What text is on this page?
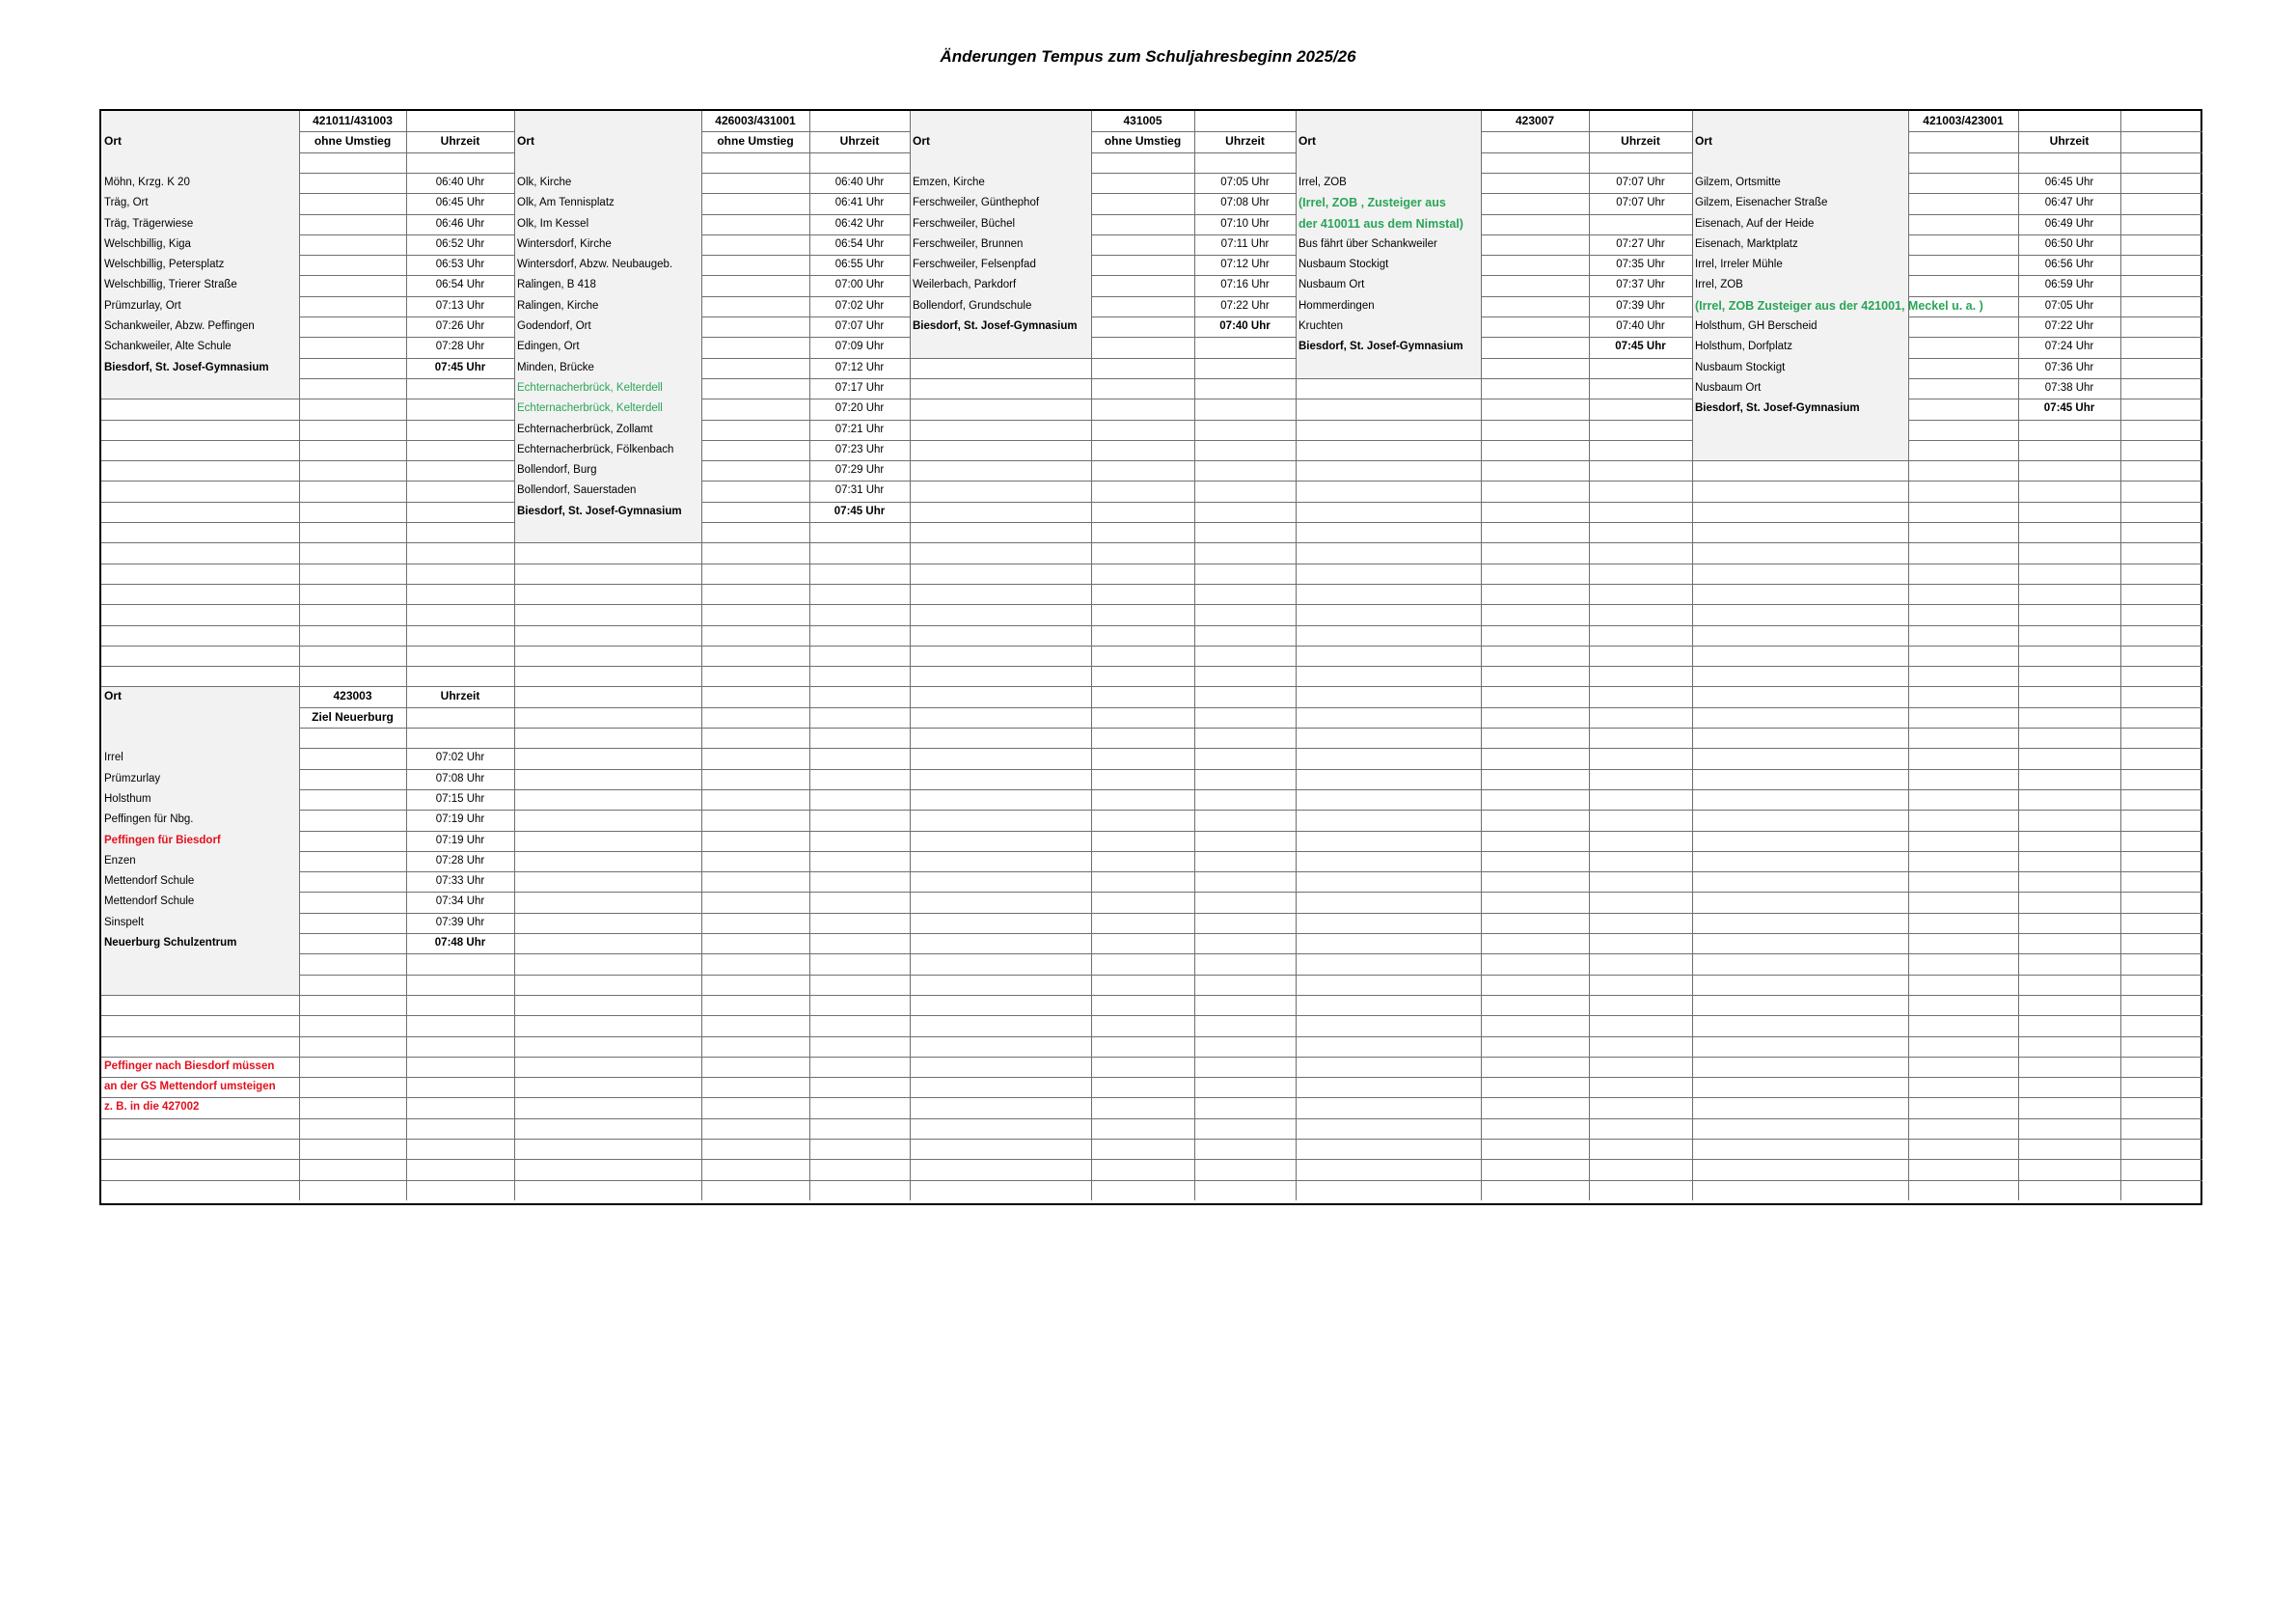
Änderungen Tempus zum Schuljahresbeginn 2025/26
421011/431003
Ort	ohne Umstieg	Uhrzeit
Möhn, Krzg. K 20	06:40 Uhr
Träg, Ort	06:45 Uhr
Träg, Trägerwiese	06:46 Uhr
Welschbillig, Kiga	06:52 Uhr
Welschbillig, Petersplatz	06:53 Uhr
Welschbillig, Trierer Straße	06:54 Uhr
Prümzurlay, Ort	07:13 Uhr
Schankweiler, Abzw. Peffingen	07:26 Uhr
Schankweiler, Alte Schule	07:28 Uhr
Biesdorf, St. Josef-Gymnasium	07:45 Uhr
426003/431001
Ort	ohne Umstieg	Uhrzeit
Olk, Kirche	06:40 Uhr
Olk, Am Tennisplatz	06:41 Uhr
Olk, Im Kessel	06:42 Uhr
Wintersdorf, Kirche	06:54 Uhr
Wintersdorf, Abzw. Neubaugeb.	06:55 Uhr
Ralingen, B 418	07:00 Uhr
Ralingen, Kirche	07:02 Uhr
Godendorf, Ort	07:07 Uhr
Edingen, Ort	07:09 Uhr
Minden, Brücke	07:12 Uhr
Echternacherbrück, Kelterdell	07:17 Uhr
Echternacherbrück, Kelterdell	07:20 Uhr
Echternacherbrück, Zollamt	07:21 Uhr
Echternacherbrück, Fölkenbach	07:23 Uhr
Bollendorf, Burg	07:29 Uhr
Bollendorf, Sauerstaden	07:31 Uhr
Biesdorf, St. Josef-Gymnasium	07:45 Uhr
431005
Ort	ohne Umstieg	Uhrzeit
Emzen, Kirche	07:05 Uhr
Ferschweiler, Günthерhof	07:08 Uhr
Ferschweiler, Büchel	07:10 Uhr
Ferschweiler, Brunnen	07:11 Uhr
Ferschweiler, Felsenpfad	07:12 Uhr
Weilerbach, Parkdorf	07:16 Uhr
Bollendorf, Grundschule	07:22 Uhr
Biesdorf, St. Josef-Gymnasium	07:40 Uhr
423007
Ort	Uhrzeit
Irrel, ZOB	07:07 Uhr
(Irrel, ZOB , Zusteiger aus	07:07 Uhr
der 410011 aus dem Nimstal)
Bus fährt über Schankweiler	07:27 Uhr
Nusbaum Stockigt	07:35 Uhr
Nusbaum Ort	07:37 Uhr
Hommerdingen	07:39 Uhr
Kruchten	07:40 Uhr
Biesdorf, St. Josef-Gymnasium	07:45 Uhr
421003/423001
Ort	Uhrzeit
Gilzem, Ortsmitte	06:45 Uhr
Gilzem, Eisenacher Straße	06:47 Uhr
Eisenach, Auf der Heide	06:49 Uhr
Eisenach, Marktplatz	06:50 Uhr
Irrel, Irreler Mühle	06:56 Uhr
Irrel, ZOB	06:59 Uhr
(Irrel, ZOB Zusteiger aus der 421001, Meckel u. a. )	07:05 Uhr
Holsthum, GH Berscheid	07:22 Uhr
Holsthum, Dorfplatz	07:24 Uhr
Nusbaum Stockigt	07:36 Uhr
Nusbaum Ort	07:38 Uhr
Biesdorf, St. Josef-Gymnasium	07:45 Uhr
Ort	423003	Uhrzeit
Ziel Neuerburg
Irrel	07:02 Uhr
Prümzurlay	07:08 Uhr
Holsthum	07:15 Uhr
Peffingen für Nbg.	07:19 Uhr
Peffingen für Biesdorf	07:19 Uhr
Enzen	07:28 Uhr
Mettendorf Schule	07:33 Uhr
Mettendorf Schule	07:34 Uhr
Sinspelt	07:39 Uhr
Neuerburg Schulzentrum	07:48 Uhr
Peffinger nach Biesdorf müssen
an der GS Mettendorf umsteigen
z. B. in die 427002
